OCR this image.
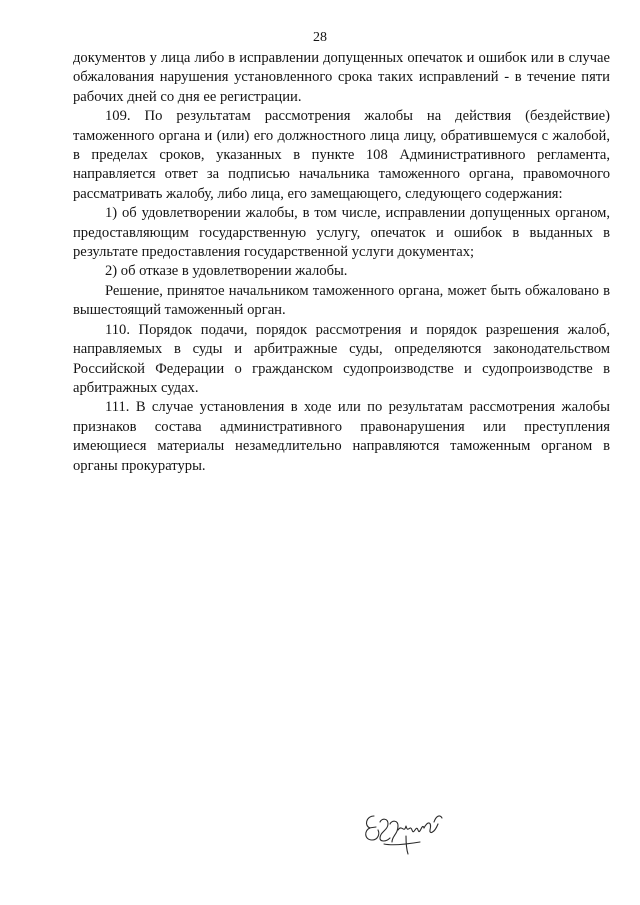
28

документов у лица либо в исправлении допущенных опечаток и ошибок или в случае обжалования нарушения установленного срока таких исправлений - в течение пяти рабочих дней со дня ее регистрации.

109. По результатам рассмотрения жалобы на действия (бездействие) таможенного органа и (или) его должностного лица лицу, обратившемуся с жалобой, в пределах сроков, указанных в пункте 108 Административного регламента, направляется ответ за подписью начальника таможенного органа, правомочного рассматривать жалобу, либо лица, его замещающего, следующего содержания:

1) об удовлетворении жалобы, в том числе, исправлении допущенных органом, предоставляющим государственную услугу, опечаток и ошибок в выданных в результате предоставления государственной услуги документах;

2) об отказе в удовлетворении жалобы.

Решение, принятое начальником таможенного органа, может быть обжаловано в вышестоящий таможенный орган.

110. Порядок подачи, порядок рассмотрения и порядок разрешения жалоб, направляемых в суды и арбитражные суды, определяются законодательством Российской Федерации о гражданском судопроизводстве и судопроизводстве в арбитражных судах.

111. В случае установления в ходе или по результатам рассмотрения жалобы признаков состава административного правонарушения или преступления имеющиеся материалы незамедлительно направляются таможенным органом в органы прокуратуры.
